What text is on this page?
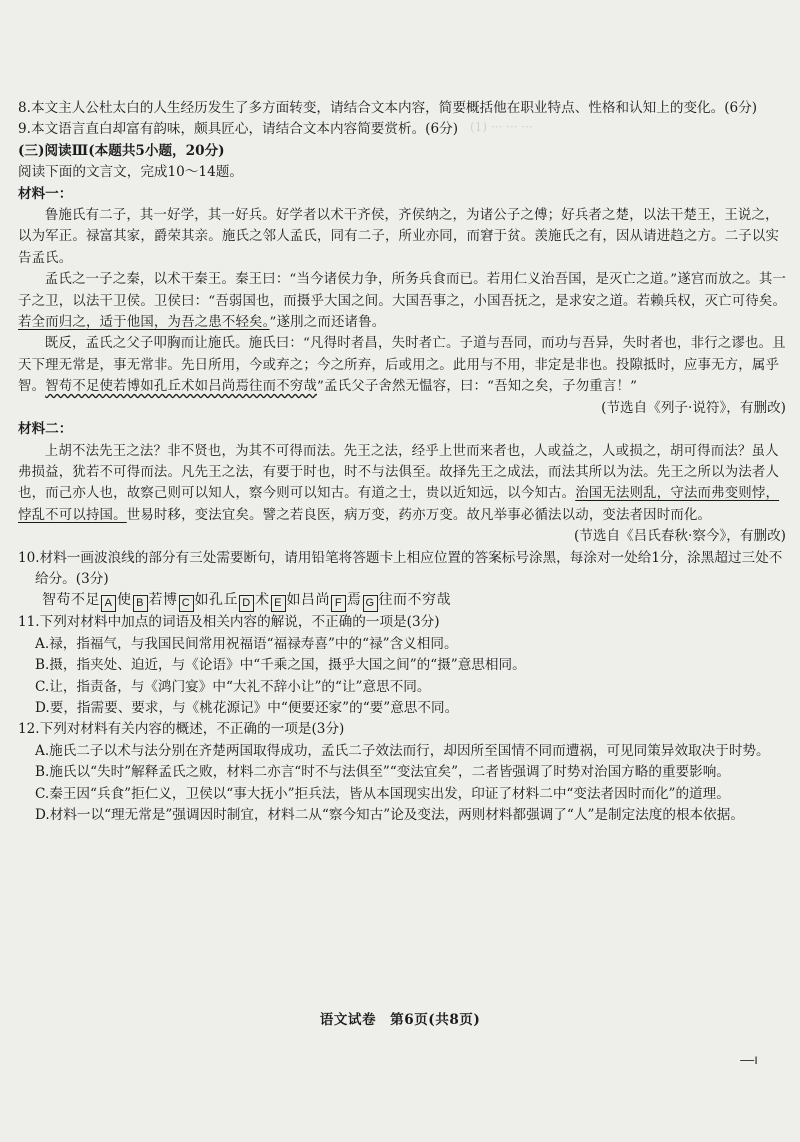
(1) ··· ··· ···

8.本文主人公杜太白的人生经历发生了多方面转变，请结合文本内容，简要概括他在职业特点、性格和认知上的变化。(6分)

9.本文语言直白却富有韵味，颇具匠心，请结合文本内容简要赏析。(6分)

(三)阅读Ⅲ(本题共5小题，20分)

阅读下面的文言文，完成10～14题。

材料一：

鲁施氏有二子，其一好学，其一好兵。好学者以术干齐侯，齐侯纳之，为诸公子之傅；好兵者之楚，以法干楚王，王说之，以为军正。禄富其家，爵荣其亲。施氏之邻人孟氏，同有二子，所业亦同，而窘于贫。羡施氏之有，因从请进趋之方。二子以实告孟氏。

孟氏之一子之秦，以术干秦王。秦王曰：“当今诸侯力争，所务兵食而已。若用仁义治吾国，是灭亡之道。”遂宫而放之。其一子之卫，以法干卫侯。卫侯曰：“吾弱国也，而摄乎大国之间。大国吾事之，小国吾抚之，是求安之道。若赖兵权，灭亡可待矣。若全而归之，适于他国，为吾之患不轻矣。”遂刖之而还诸鲁。

既反，孟氏之父子叩胸而让施氏。施氏曰：“凡得时者昌，失时者亡。子道与吾同，而功与吾异，失时者也，非行之谬也。且天下理无常是，事无常非。先日所用，今或弃之；今之所弃，后或用之。此用与不用，非定是非也。投隙抵时，应事无方，属乎智。智苟不足使若博如孔丘术如吕尚焉往而不穷哉”孟氏父子舍然无愠容，曰：“吾知之矣，子勿重言！”

(节选自《列子·说符》，有删改)

材料二：

上胡不法先王之法？非不贤也，为其不可得而法。先王之法，经乎上世而来者也，人或益之，人或损之，胡可得而法？虽人弗损益，犹若不可得而法。凡先王之法，有要于时也，时不与法俱至。故择先王之成法，而法其所以为法。先王之所以为法者人也，而己亦人也，故察己则可以知人，察今则可以知古。有道之士，贵以近知远，以今知古。治国无法则乱，守法而弗变则悖，悖乱不可以持国。世易时移，变法宜矣。譬之若良医，病万变，药亦万变。故凡举事必循法以动，变法者因时而化。

(节选自《吕氏春秋·察今》，有删改)

10.材料一画波浪线的部分有三处需要断句，请用铅笔将答题卡上相应位置的答案标号涂黑，每涂对一处给1分，涂黑超过三处不给分。(3分)

智苟不足 A 使 B 若博 C 如孔丘 D 术 E 如吕尚 F 焉 G 往而不穷哉

11.下列对材料中加点的词语及相关内容的解说，不正确的一项是(3分)

A.禄，指福气，与我国民间常用祝福语“福禄寿喜”中的“禄”含义相同。

B.摄，指夹处、迫近，与《论语》中“千乘之国，摄乎大国之间”的“摄”意思相同。

C.让，指责备，与《鸿门宴》中“大礼不辞小让”的“让”意思不同。

D.要，指需要、要求，与《桃花源记》中“便要还家”的“要”意思不同。

12.下列对材料有关内容的概述，不正确的一项是(3分)

A.施氏二子以术与法分别在齐楚两国取得成功，孟氏二子效法而行，却因所至国情不同而遭祸，可见同策异效取决于时势。

B.施氏以“失时”解释孟氏之败，材料二亦言“时不与法俱至”“变法宜矣”，二者皆强调了时势对治国方略的重要影响。

C.秦王因“兵食”拒仁义，卫侯以“事大抚小”拒兵法，皆从本国现实出发，印证了材料二中“变法者因时而化”的道理。

D.材料一以“理无常是”强调因时制宜，材料二从“察今知古”论及变法，两则材料都强调了“人”是制定法度的根本依据。

语文试卷　第6页(共8页)
—ı
